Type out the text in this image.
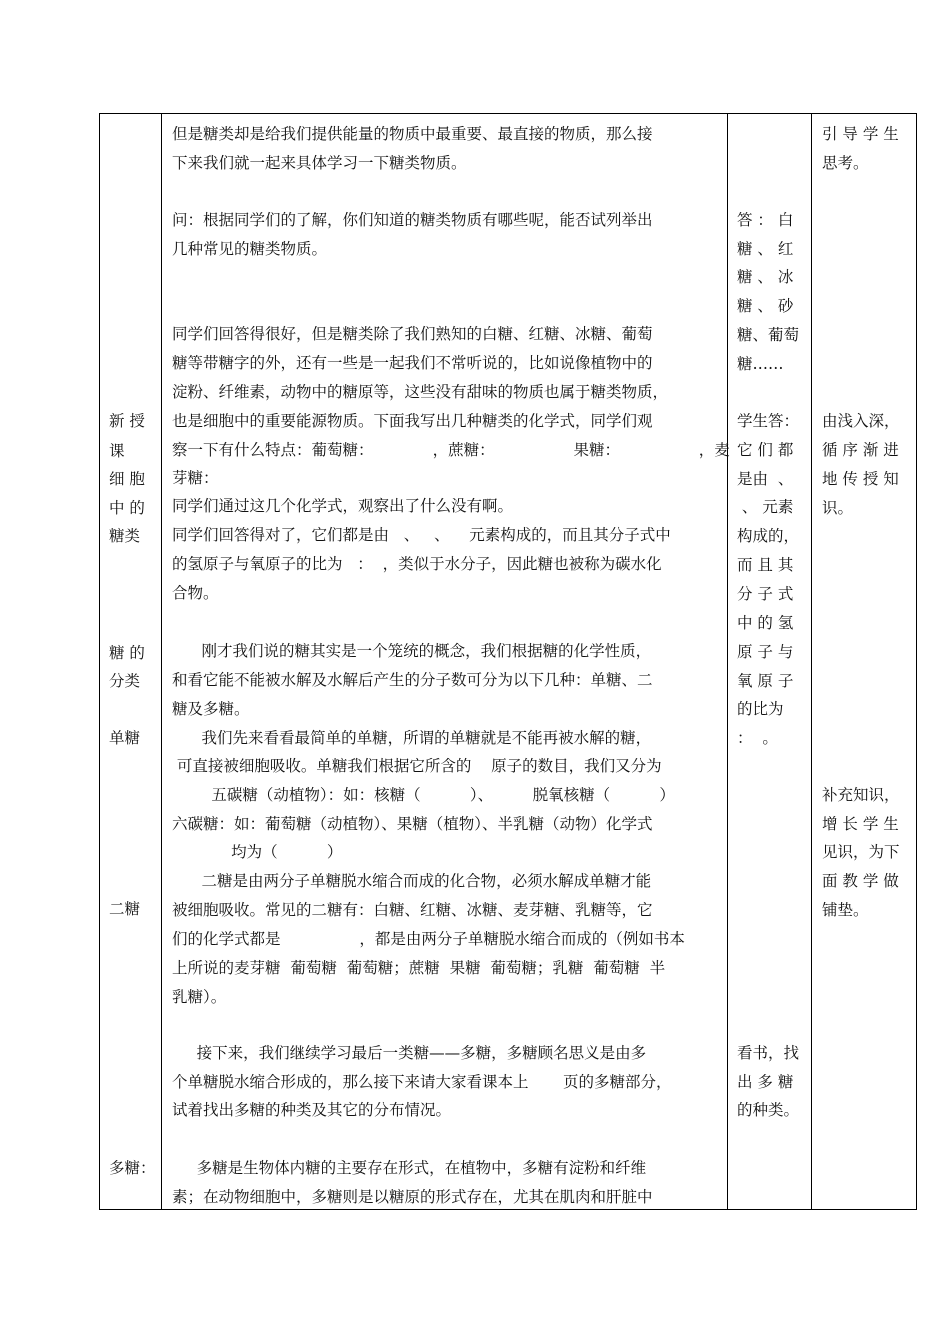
新 授
课
细 胞
中 的
糖类
糖 的
分类
单糖
二糖
多糖：
但是糖类却是给我们提供能量的物质中最重要、最直接的物质，那么接
下来我们就一起来具体学习一下糖类物质。
问：根据同学们的了解，你们知道的糖类物质有哪些呢，能否试列举出
几种常见的糖类物质。
同学们回答得很好，但是糖类除了我们熟知的白糖、红糖、冰糖、葡萄
糖等带糖字的外，还有一些是一起我们不常听说的，比如说像植物中的
淀粉、纤维素，动物中的糖原等，这些没有甜味的物质也属于糖类物质，
也是细胞中的重要能源物质。下面我写出几种糖类的化学式，同学们观
察一下有什么特点：葡萄糖：            ，蔗糖：                果糖：                ，麦
芽糖：
同学们通过这几个化学式，观察出了什么没有啊。
同学们回答得对了，它们都是由   、   、    元素构成的，而且其分子式中
的氢原子与氧原子的比为   ：  ，类似于水分子，因此糖也被称为碳水化
合物。
刚才我们说的糖其实是一个笼统的概念，我们根据糖的化学性质，
和看它能不能被水解及水解后产生的分子数可分为以下几种：单糖、二
糖及多糖。
我们先来看看最简单的单糖，所谓的单糖就是不能再被水解的糖，
可直接被细胞吸收。单糖我们根据它所含的    原子的数目，我们又分为
五碳糖（动植物）：如：核糖（          ）、        脱氧核糖（          ）
六碳糖：如：葡萄糖（动植物）、果糖（植物）、半乳糖（动物）化学式
均为（          ）
二糖是由两分子单糖脱水缩合而成的化合物，必须水解成单糖才能
被细胞吸收。常见的二糖有：白糖、红糖、冰糖、麦芽糖、乳糖等，它
们的化学式都是                ，都是由两分子单糖脱水缩合而成的（例如书本
上所说的麦芽糖  葡萄糖  葡萄糖；蔗糖  果糖  葡萄糖；乳糖  葡萄糖  半
乳糖）。
接下来，我们继续学习最后一类糖——多糖，多糖顾名思义是由多
个单糖脱水缩合形成的，那么接下来请大家看课本上       页的多糖部分，
试着找出多糖的种类及其它的分布情况。
多糖是生物体内糖的主要存在形式，在植物中，多糖有淀粉和纤维
素；在动物细胞中，多糖则是以糖原的形式存在，尤其在肌肉和肝脏中
答 ： 白
糖 、 红
糖 、 冰
糖 、 砂
糖、葡萄
糖……
学生答：
它 们 都
是由  、
、 元素
构成的，
而 且 其
分 子 式
中 的 氢
原 子 与
氧 原 子
的比为
：  。
看书，找
出 多 糖
的种类。
引 导 学 生
思考。
由浅入深，
循 序 渐 进
地 传 授 知
识。
补充知识，
增 长 学 生
见识，为下
面 教 学 做
铺垫。
